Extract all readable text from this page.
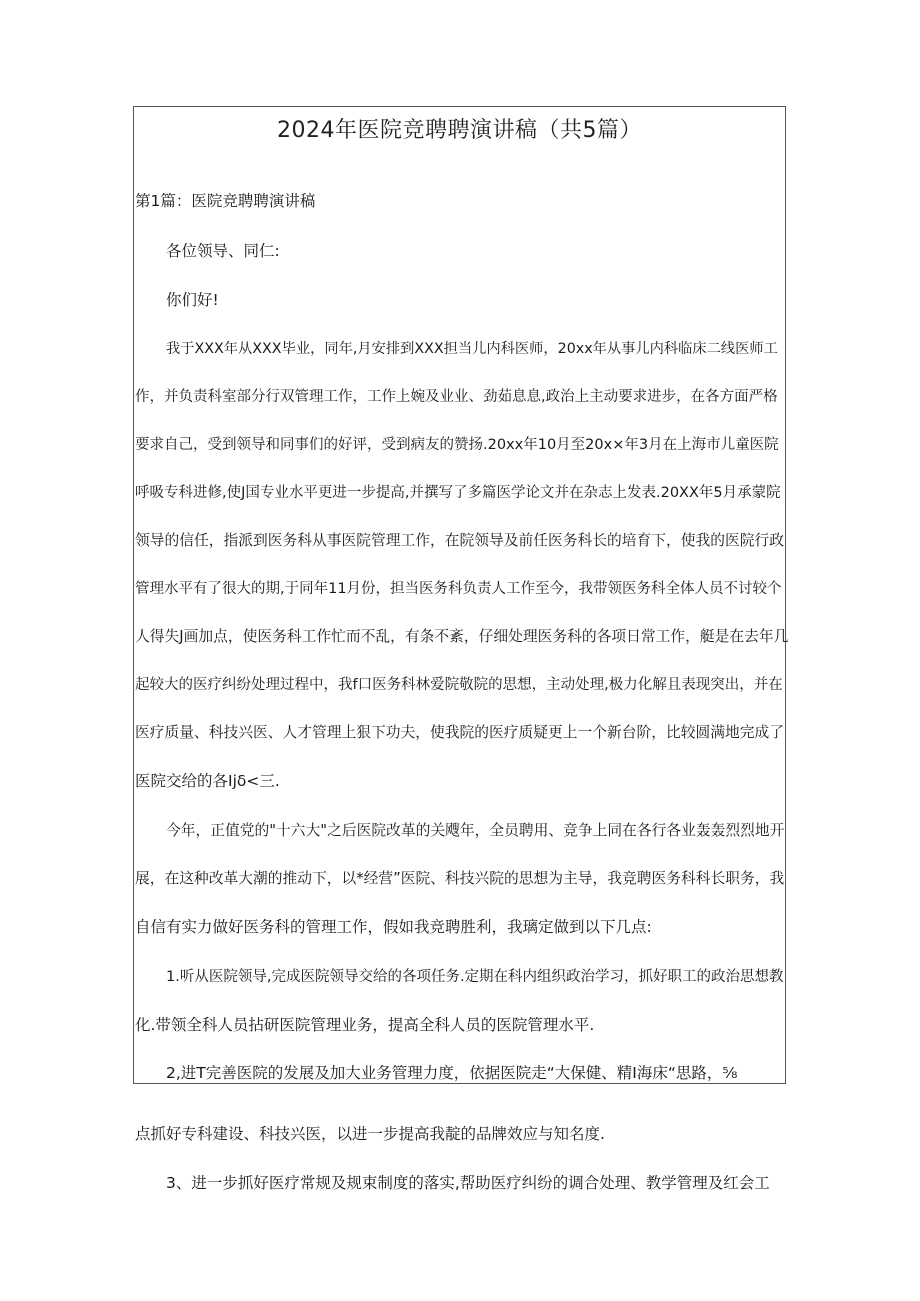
2024年医院竞聘聘演讲稿（共5篇）
第1篇：医院竞聘聘演讲稿
各位领导、同仁:
你们好!
我于XXX年从XXX毕业，同年,月安排到XXX担当儿内科医师，20xx年从事儿内科临床二线医师工
作，并负责科室部分行双管理工作，工作上婉及业业、劲茹息息,政治上主动要求进步，在各方面严格
要求自己，受到领导和同事们的好评，受到病友的赞扬.20xx年10月至20x×年3月在上海市儿童医院
呼吸专科进修,使J国专业水平更进一步提高,并撰写了多篇医学论文并在杂志上发表.20XX年5月承蒙院
领导的信任，指派到医务科从事医院管理工作，在院领导及前任医务科长的培育下，使我的医院行政
管理水平有了很大的期,于同年11月份，担当医务科负责人工作至今，我带领医务科全体人员不讨较个
人得失J画加点，使医务科工作忙而不乱，有条不紊，仔细处理医务科的各项日常工作，艇是在去年几
起较大的医疗纠纷处理过程中，我f口医务科林爱院敬院的思想，主动处理,极力化解且表现突出，并在
医疗质量、科技兴医、人才管理上狠下功夫，使我院的医疗质疑更上一个新台阶，比较圆满地完成了
医院交给的各Ijδ<三.
今年，正值党的"十六大"之后医院改革的关飕年，全员聘用、竞争上同在各行各业轰轰烈烈地开
展，在这种改革大潮的推动下，以*经营”医院、科技兴院的思想为主导，我竞聘医务科科长职务，我
自信有实力做好医务科的管理工作，假如我竞聘胜利，我璃定做到以下几点:
1.听从医院领导,完成医院领导交给的各项任务.定期在科内组织政治学习，抓好职工的政治思想教
化.带领全科人员拈研医院管理业务，提高全科人员的医院管理水平.
2,进T完善医院的发展及加大业务管理力度，依据医院走“大保健、精I海床“思路，⅝
点抓好专科建设、科技兴医，以进一步提高我靛的品牌效应与知名度.
3、进一步抓好医疗常规及规束制度的落实,帮助医疗纠纷的调合处理、教学管理及红会工
